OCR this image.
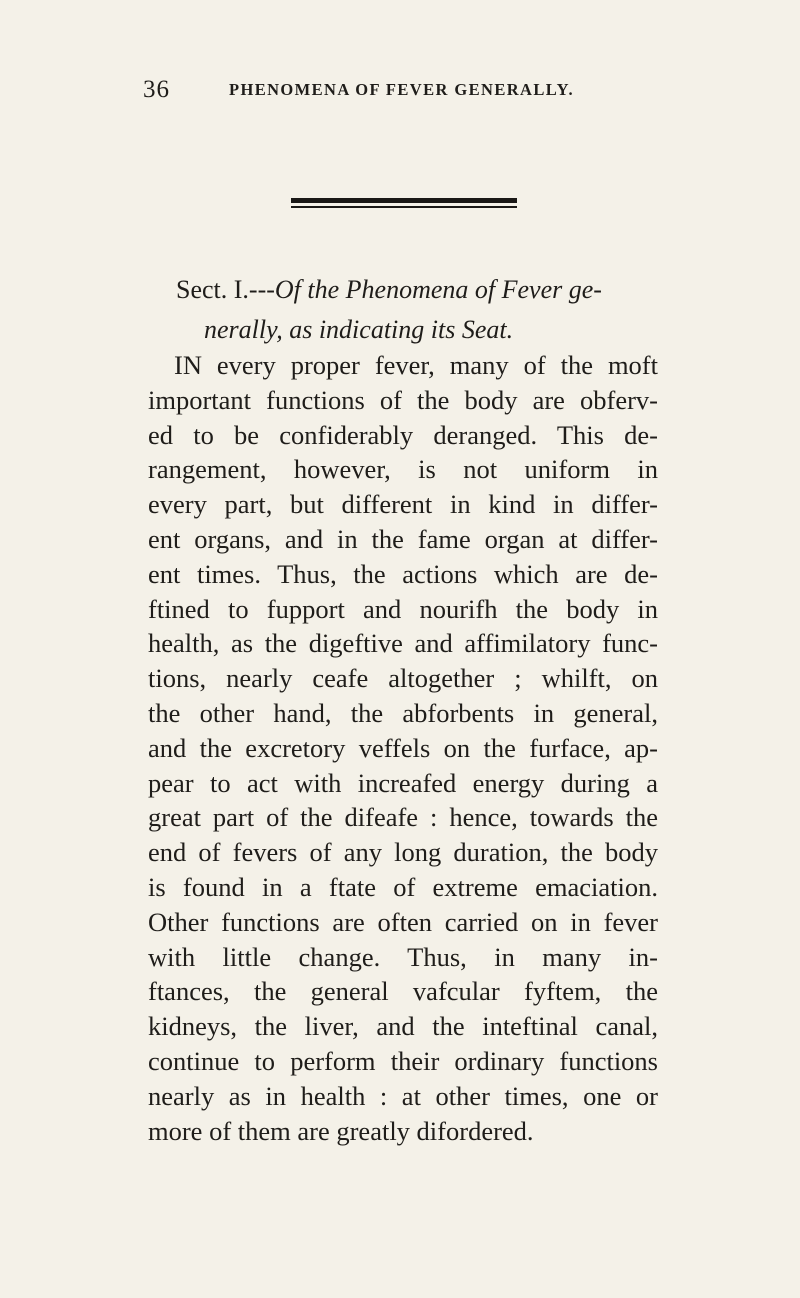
36	PHENOMENA OF FEVER GENERALLY.
Sect. I.---Of the Phenomena of Fever ge-
nerally, as indicating its Seat.
IN every proper fever, many of the moft
important functions of the body are obferv-
ed to be confiderably deranged. This de-
rangement, however, is not uniform in
every part, but different in kind in differ-
ent organs, and in the fame organ at differ-
ent times. Thus, the actions which are de-
ftined to fupport and nourifh the body in
health, as the digeftive and affimilatory func-
tions, nearly ceafe altogether ; whilft, on
the other hand, the abforbents in general,
and the excretory veffels on the furface, ap-
pear to act with increafed energy during a
great part of the difeafe : hence, towards the
end of fevers of any long duration, the body
is found in a ftate of extreme emaciation.
Other functions are often carried on in fever
with little change. Thus, in many in-
ftances, the general vafcular fyftem, the
kidneys, the liver, and the inteftinal canal,
continue to perform their ordinary functions
nearly as in health : at other times, one or
more of them are greatly difordered.
